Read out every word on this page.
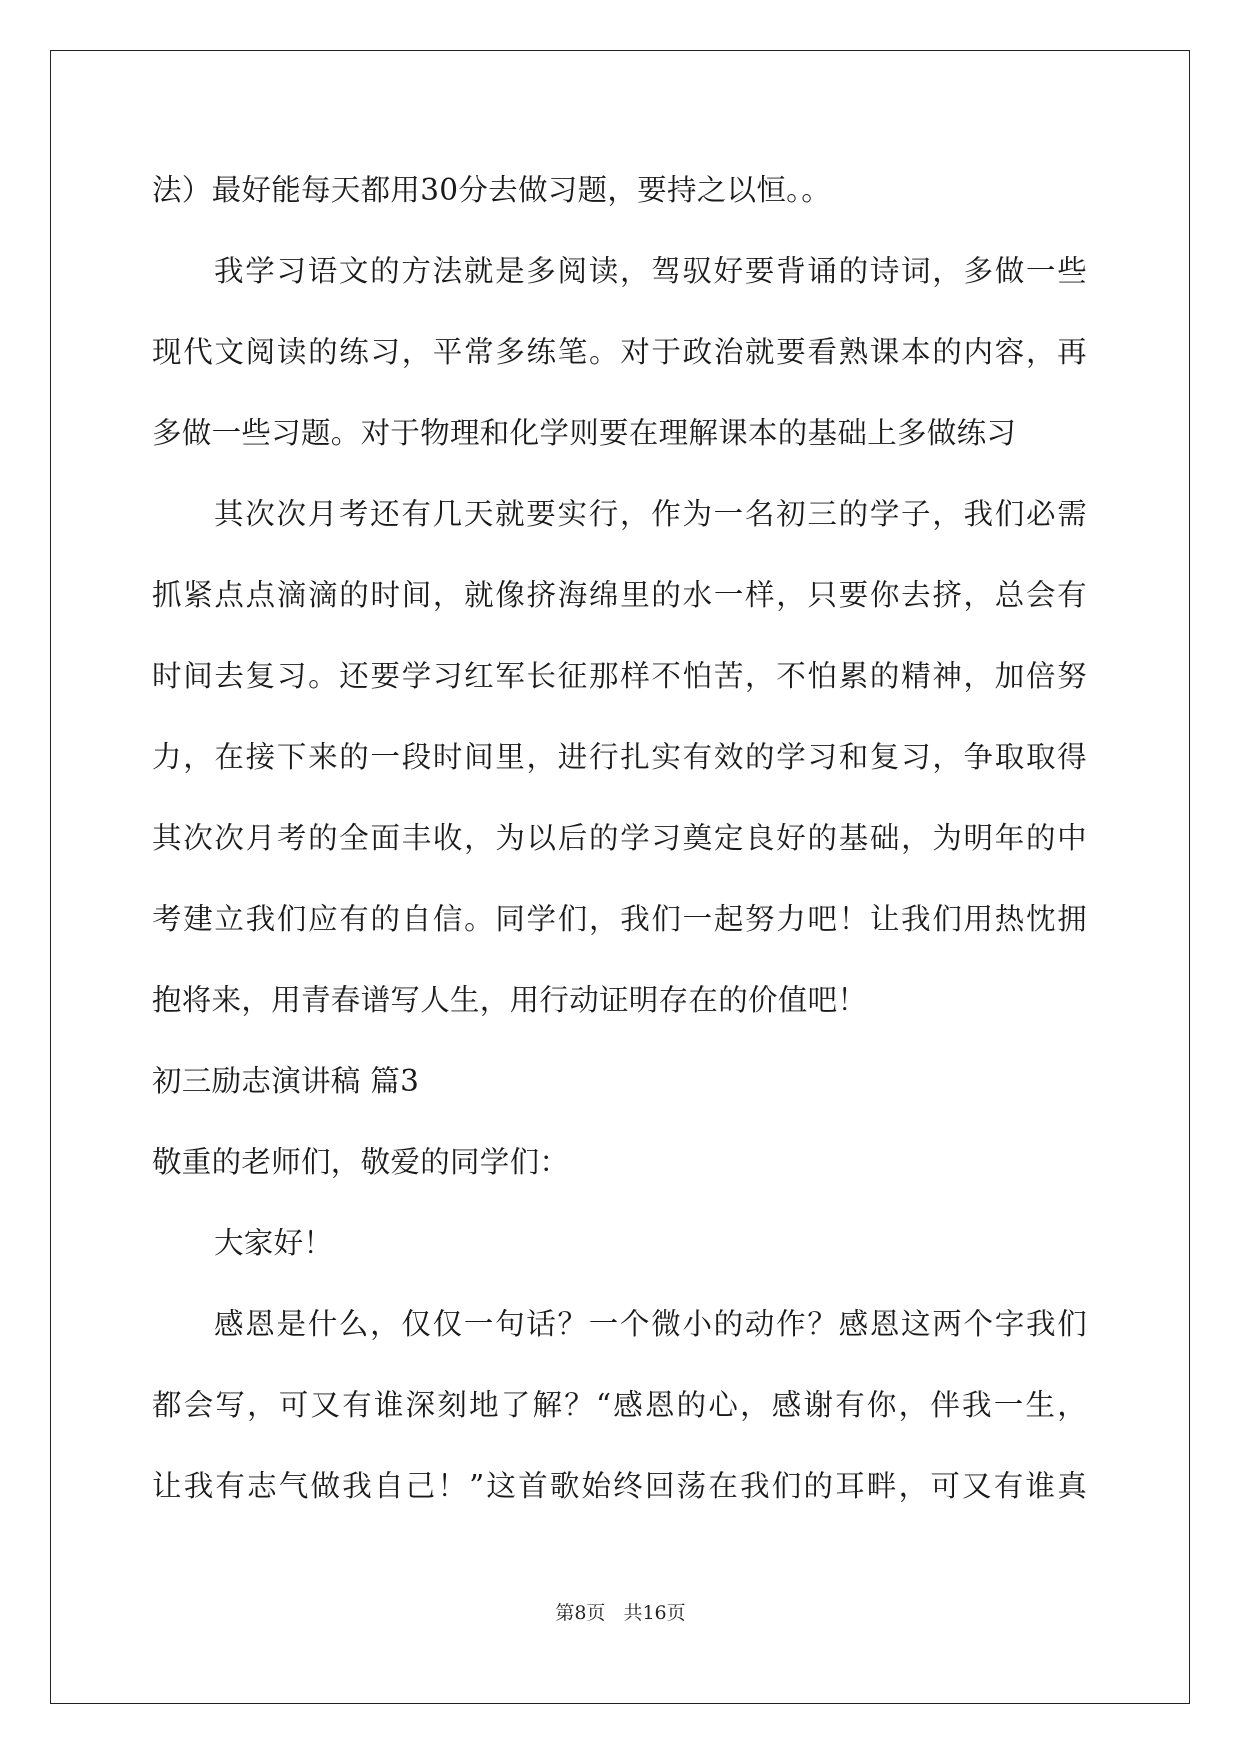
法）最好能每天都用30分去做习题，要持之以恒。。
我学习语文的方法就是多阅读，驾驭好要背诵的诗词，多做一些
现代文阅读的练习，平常多练笔。对于政治就要看熟课本的内容，再
多做一些习题。对于物理和化学则要在理解课本的基础上多做练习
其次次月考还有几天就要实行，作为一名初三的学子，我们必需
抓紧点点滴滴的时间，就像挤海绵里的水一样，只要你去挤，总会有
时间去复习。还要学习红军长征那样不怕苦，不怕累的精神，加倍努
力，在接下来的一段时间里，进行扎实有效的学习和复习，争取取得
其次次月考的全面丰收，为以后的学习奠定良好的基础，为明年的中
考建立我们应有的自信。同学们，我们一起努力吧！让我们用热忱拥
抱将来，用青春谱写人生，用行动证明存在的价值吧！
初三励志演讲稿 篇3
敬重的老师们，敬爱的同学们：
大家好！
感恩是什么，仅仅一句话？一个微小的动作？感恩这两个字我们
都会写，可又有谁深刻地了解？“感恩的心，感谢有你，伴我一生，
让我有志气做我自己！”这首歌始终回荡在我们的耳畔，可又有谁真
第8页 共16页
